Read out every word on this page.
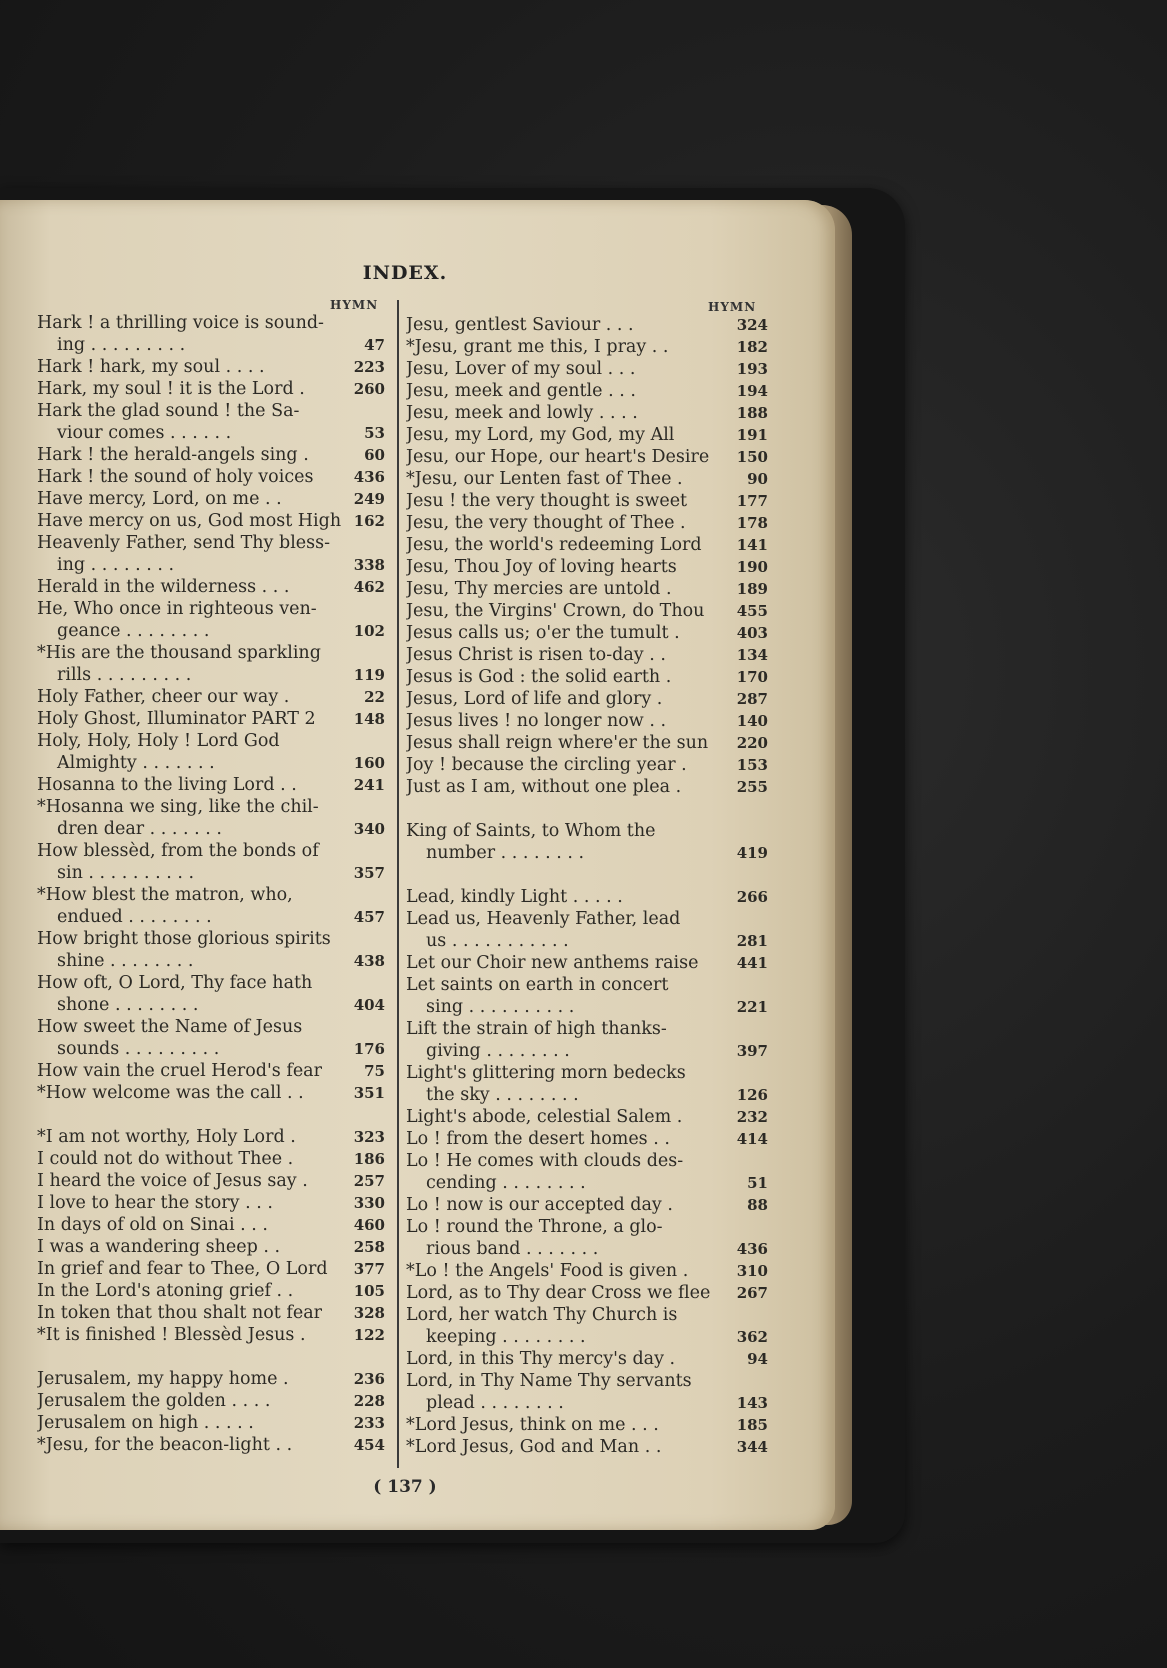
INDEX.
HYMN	HYMN
Hark ! a thrilling voice is sound-
ing . . . . . . . . .	47
Hark ! hark, my soul . . . .	223
Hark, my soul ! it is the Lord .	260
Hark the glad sound ! the Sa-
viour comes . . . . . .	53
Hark ! the herald-angels sing .	60
Hark ! the sound of holy voices	436
Have mercy, Lord, on me . .	249
Have mercy on us, God most High 162
Heavenly Father, send Thy bless-
ing . . . . . . . .	338
Herald in the wilderness . . .	462
He, Who once in righteous ven-
geance . . . . . . . .	102
*His are the thousand sparkling
rills . . . . . . . . .	119
Holy Father, cheer our way .	22
Holy Ghost, Illuminator PART 2	148
Holy, Holy, Holy ! Lord God
Almighty . . . . . . .	160
Hosanna to the living Lord . .	241
*Hosanna we sing, like the chil-
dren dear . . . . . . .	340
How blessèd, from the bonds of
sin . . . . . . . . . .	357
*How blest the matron, who,
endued . . . . . . . .	457
How bright those glorious spirits
shine . . . . . . . .	438
How oft, O Lord, Thy face hath
shone . . . . . . . .	404
How sweet the Name of Jesus
sounds . . . . . . . . .	176
How vain the cruel Herod's fear	75
*How welcome was the call . .	351
*I am not worthy, Holy Lord .	323
I could not do without Thee .	186
I heard the voice of Jesus say .	257
I love to hear the story . . .	330
In days of old on Sinai . . .	460
I was a wandering sheep . .	258
In grief and fear to Thee, O Lord 377
In the Lord's atoning grief . .	105
In token that thou shalt not fear 328
*It is finished ! Blessèd Jesus .	122
Jerusalem, my happy home .	236
Jerusalem the golden . . . .	228
Jerusalem on high . . . . .	233
*Jesu, for the beacon-light . .	454
Jesu, gentlest Saviour . . .	324
*Jesu, grant me this, I pray . .	182
Jesu, Lover of my soul . . .	193
Jesu, meek and gentle . . .	194
Jesu, meek and lowly . . . .	188
Jesu, my Lord, my God, my All	191
Jesu, our Hope, our heart's Desire 150
*Jesu, our Lenten fast of Thee .	90
Jesu ! the very thought is sweet	177
Jesu, the very thought of Thee .	178
Jesu, the world's redeeming Lord 141
Jesu, Thou Joy of loving hearts	190
Jesu, Thy mercies are untold .	189
Jesu, the Virgins' Crown, do Thou 455
Jesus calls us; o'er the tumult .	403
Jesus Christ is risen to-day . .	134
Jesus is God : the solid earth .	170
Jesus, Lord of life and glory .	287
Jesus lives ! no longer now . .	140
Jesus shall reign where'er the sun 220
Joy ! because the circling year .	153
Just as I am, without one plea .	255
King of Saints, to Whom the
number . . . . . . . .	419
Lead, kindly Light . . . . .	266
Lead us, Heavenly Father, lead
us . . . . . . . . . . .	281
Let our Choir new anthems raise	441
Let saints on earth in concert
sing . . . . . . . . . .	221
Lift the strain of high thanks-
giving . . . . . . . .	397
Light's glittering morn bedecks
the sky . . . . . . . .	126
Light's abode, celestial Salem .	232
Lo ! from the desert homes . .	414
Lo ! He comes with clouds des-
cending . . . . . . . .	51
Lo ! now is our accepted day .	88
Lo ! round the Throne, a glo-
rious band . . . . . . .	436
*Lo ! the Angels' Food is given .	310
Lord, as to Thy dear Cross we flee 267
Lord, her watch Thy Church is
keeping . . . . . . . .	362
Lord, in this Thy mercy's day .	94
Lord, in Thy Name Thy servants
plead . . . . . . . .	143
*Lord Jesus, think on me . . .	185
*Lord Jesus, God and Man . .	344
( 137 )
